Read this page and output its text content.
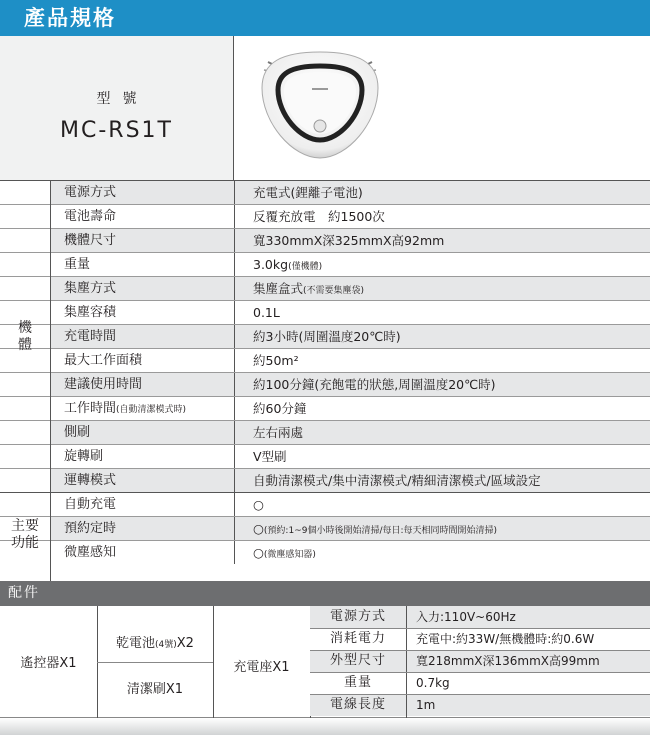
產品規格
型號
MC-RS1T
電源方式	充電式(鋰離子電池)
電池壽命	反覆充放電　約1500次
機體尺寸	寬330mmX深325mmX高92mm
重量	3.0kg(僅機體)
集塵方式	集塵盒式(不需要集塵袋)
集塵容積	0.1L
充電時間	約3小時(周圍溫度20℃時)
最大工作面積	約50m²
建議使用時間	約100分鐘(充飽電的狀態,周圍溫度20℃時)
工作時間(自動清潔模式時)	約60分鐘
側刷	左右兩處
旋轉刷	V型刷
運轉模式	自動清潔模式/集中清潔模式/精細清潔模式/區域設定
自動充電	○
預約定時	○(預約:1~9個小時後開始清掃/每日:每天相同時間開始清掃)
微塵感知	○(微塵感知器)
機體
主要功能
配件
遙控器X1
乾電池(4號)X2
清潔刷X1
充電座X1
電源方式	入力:110V~60Hz
消耗電力	充電中:約33W/無機體時:約0.6W
外型尺寸	寬218mmX深136mmX高99mm
重量	0.7kg
電線長度	1m
